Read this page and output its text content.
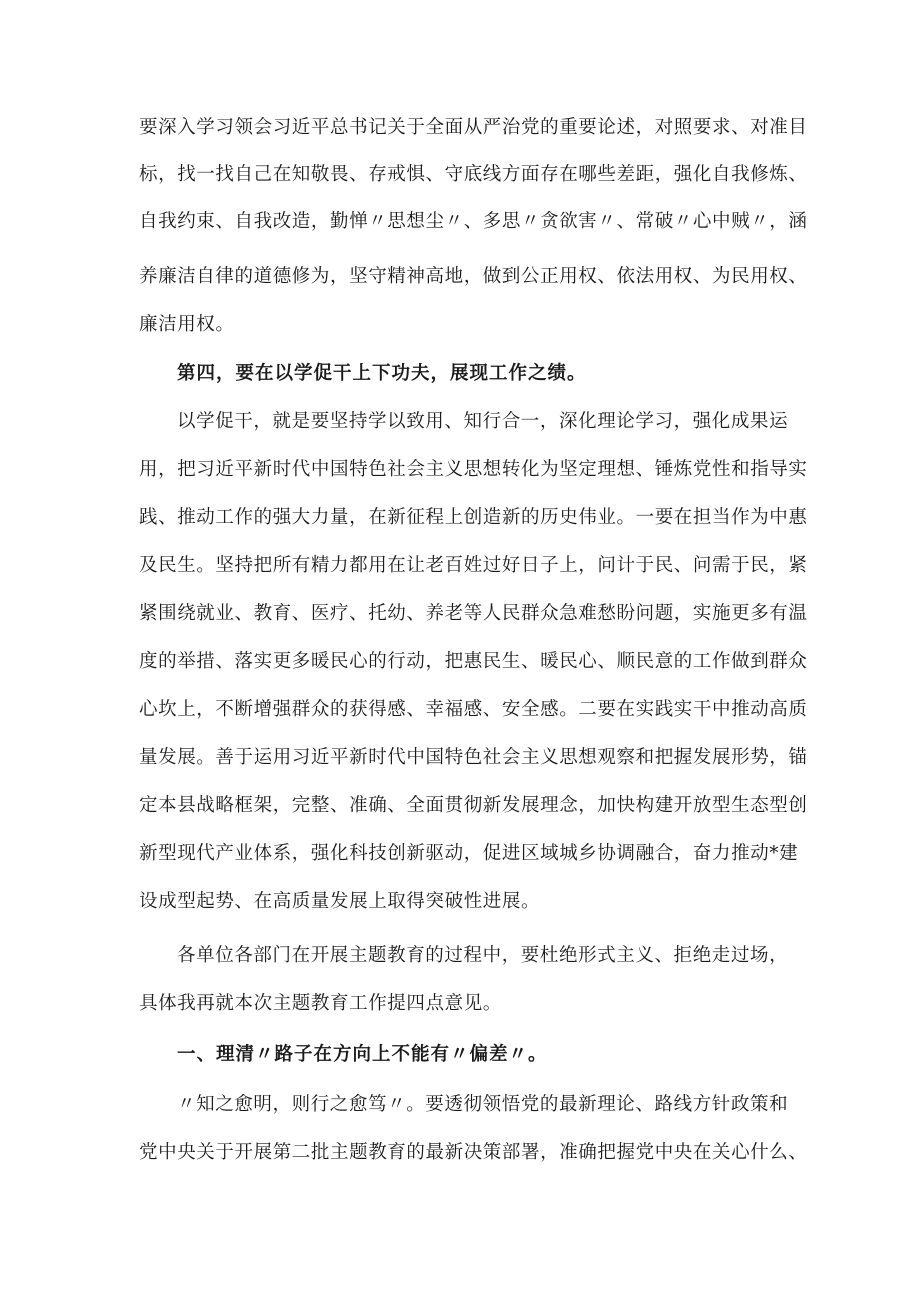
要深入学习领会习近平总书记关于全面从严治党的重要论述，对照要求、对准目
标，找一找自己在知敬畏、存戒惧、守底线方面存在哪些差距，强化自我修炼、
自我约束、自我改造，勤惮〃思想尘〃、多思〃贪欲害〃、常破〃心中贼〃，涵
养廉洁自律的道德修为，坚守精神高地，做到公正用权、依法用权、为民用权、
廉洁用权。
第四，要在以学促干上下功夫，展现工作之绩。
以学促干，就是要坚持学以致用、知行合一，深化理论学习，强化成果运
用，把习近平新时代中国特色社会主义思想转化为坚定理想、锤炼党性和指导实
践、推动工作的强大力量，在新征程上创造新的历史伟业。一要在担当作为中惠
及民生。坚持把所有精力都用在让老百姓过好日子上，问计于民、问需于民，紧
紧围绕就业、教育、医疗、托幼、养老等人民群众急难愁盼问题，实施更多有温
度的举措、落实更多暖民心的行动，把惠民生、暖民心、顺民意的工作做到群众
心坎上，不断增强群众的获得感、幸福感、安全感。二要在实践实干中推动高质
量发展。善于运用习近平新时代中国特色社会主义思想观察和把握发展形势，锚
定本县战略框架，完整、准确、全面贯彻新发展理念，加快构建开放型生态型创
新型现代产业体系，强化科技创新驱动，促进区域城乡协调融合，奋力推动*建
设成型起势、在高质量发展上取得突破性进展。
各单位各部门在开展主题教育的过程中，要杜绝形式主义、拒绝走过场，
具体我再就本次主题教育工作提四点意见。
一、理清〃路子在方向上不能有〃偏差〃。
〃知之愈明，则行之愈笃〃。要透彻领悟党的最新理论、路线方针政策和
党中央关于开展第二批主题教育的最新决策部署，准确把握党中央在关心什么、
